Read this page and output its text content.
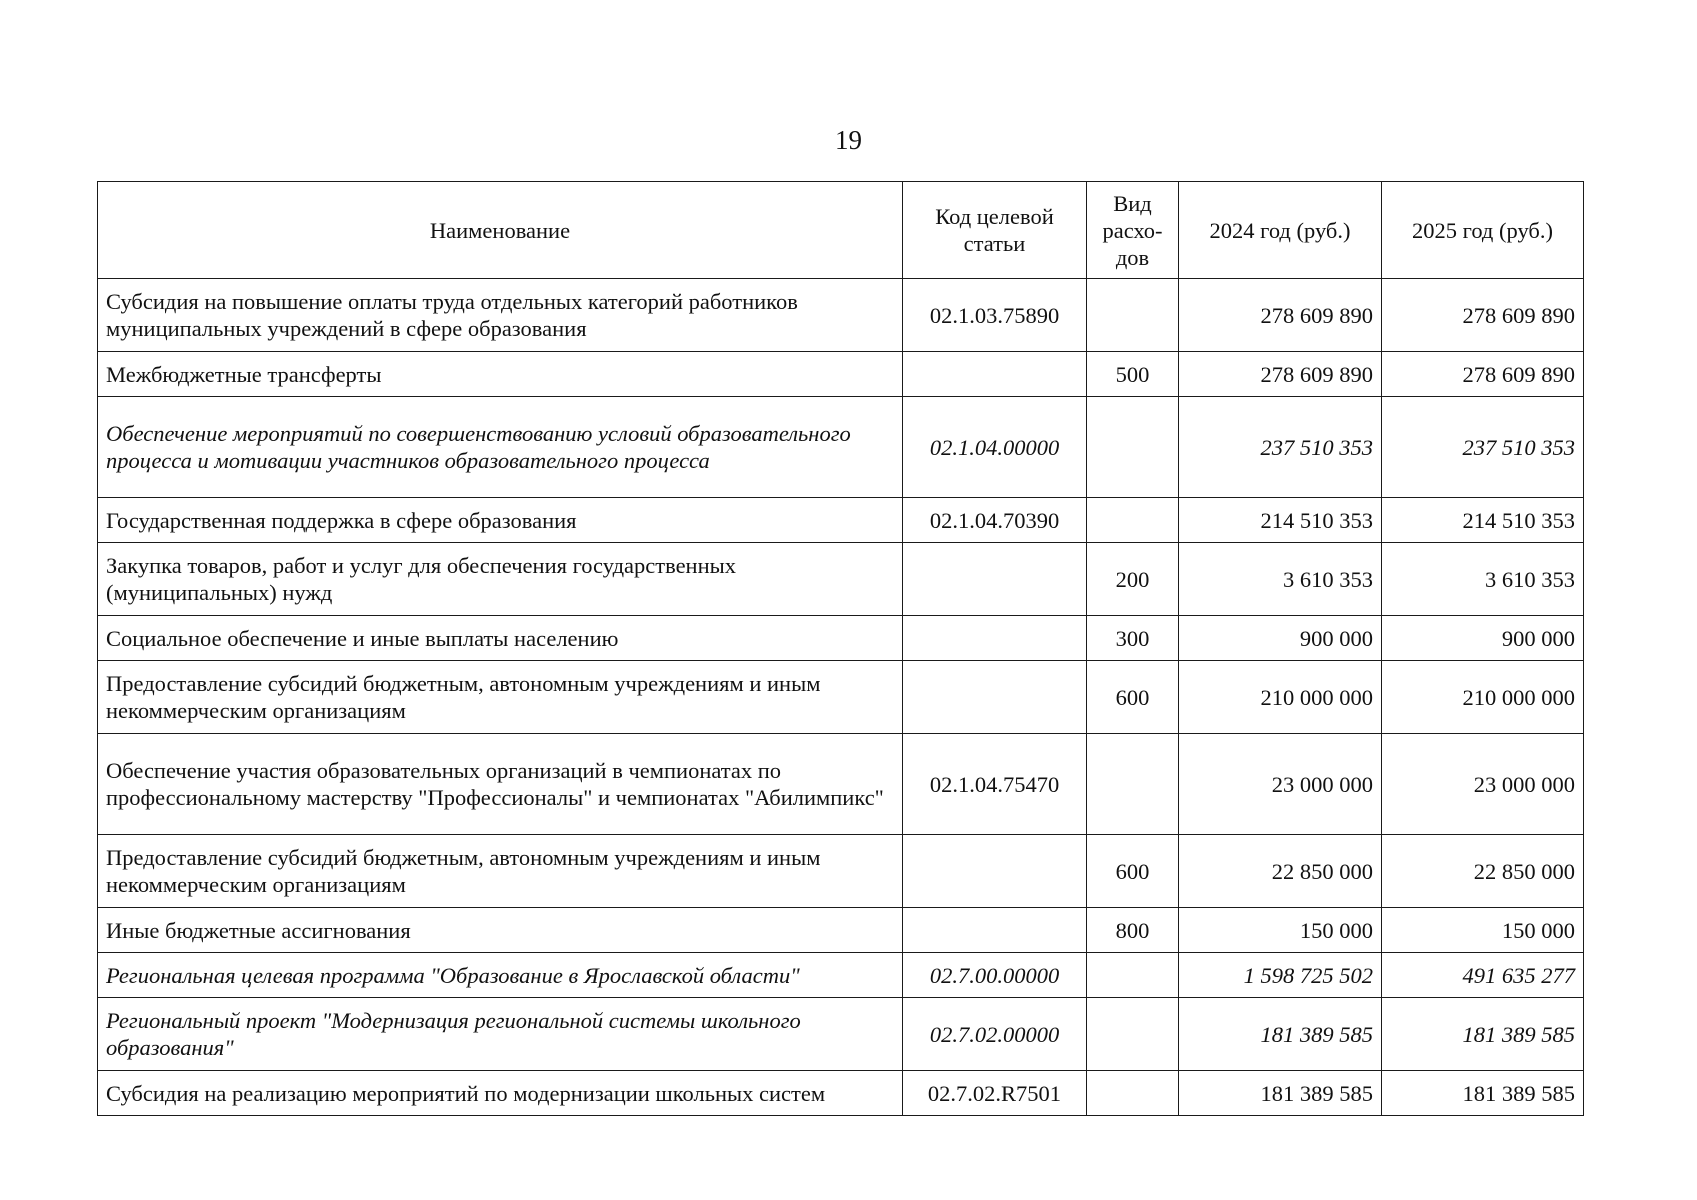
19
Наименование	Код целевой статьи	Вид расхо-дов	2024 год (руб.)	2025 год (руб.)
Субсидия на повышение оплаты труда отдельных категорий работников муниципальных учреждений в сфере образования	02.1.03.75890		278 609 890	278 609 890
Межбюджетные трансферты		500	278 609 890	278 609 890
Обеспечение мероприятий по совершенствованию условий образовательного процесса и мотивации участников образовательного процесса	02.1.04.00000		237 510 353	237 510 353
Государственная поддержка в сфере образования	02.1.04.70390		214 510 353	214 510 353
Закупка товаров, работ и услуг для обеспечения государственных (муниципальных) нужд		200	3 610 353	3 610 353
Социальное обеспечение и иные выплаты населению		300	900 000	900 000
Предоставление субсидий бюджетным, автономным учреждениям и иным некоммерческим организациям		600	210 000 000	210 000 000
Обеспечение участия образовательных организаций в чемпионатах по профессиональному мастерству "Профессионалы" и чемпионатах "Абилимпикс"	02.1.04.75470		23 000 000	23 000 000
Предоставление субсидий бюджетным, автономным учреждениям и иным некоммерческим организациям		600	22 850 000	22 850 000
Иные бюджетные ассигнования		800	150 000	150 000
Региональная целевая программа "Образование в Ярославской области"	02.7.00.00000		1 598 725 502	491 635 277
Региональный проект "Модернизация региональной системы школьного образования"	02.7.02.00000		181 389 585	181 389 585
Субсидия на реализацию мероприятий по модернизации школьных систем	02.7.02.R7501		181 389 585	181 389 585
